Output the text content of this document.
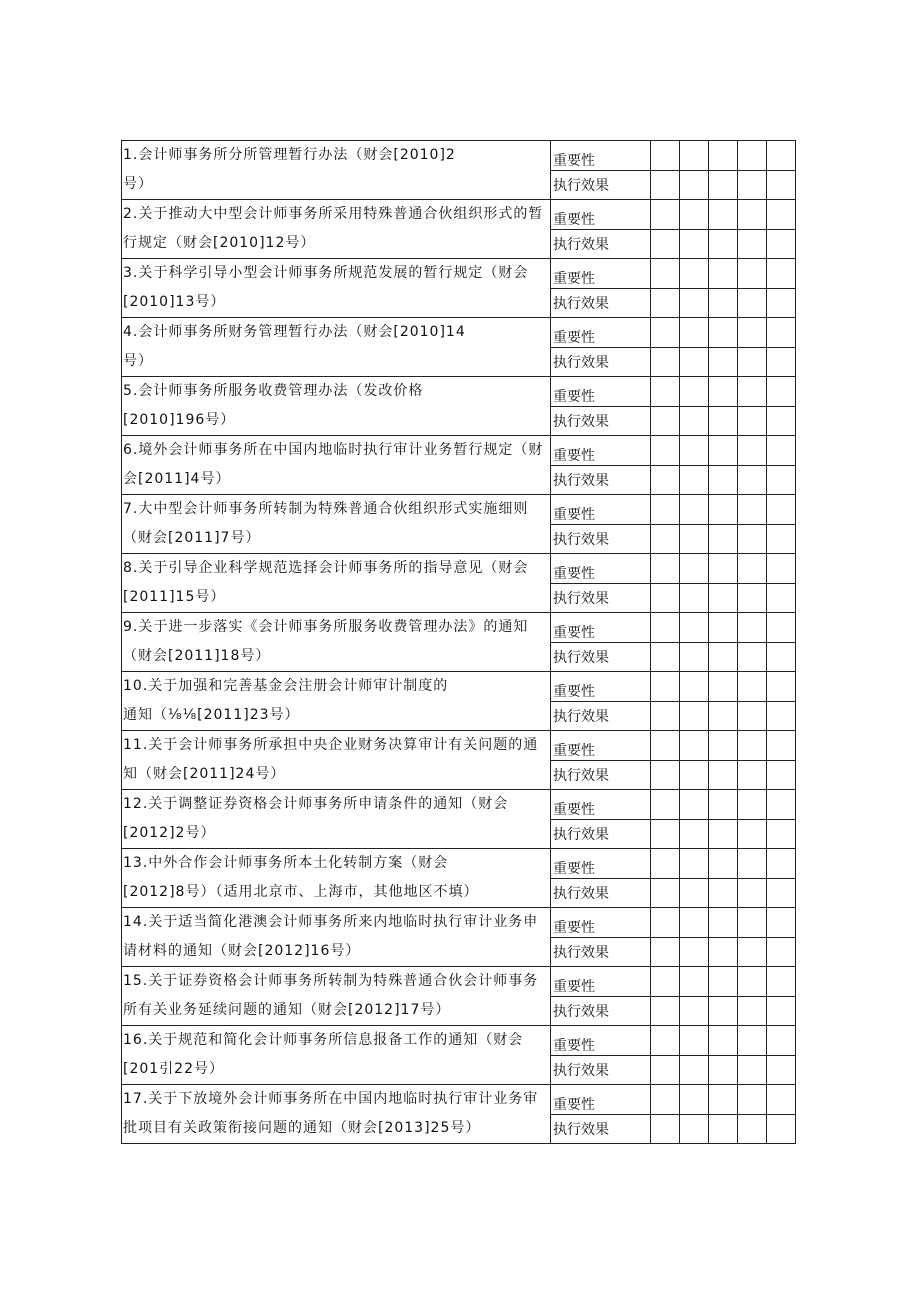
1.会计师事务所分所管理暂行办法（财会[2010]2
号）	重要性					
	执行效果					
2.关于推动大中型会计师事务所采用特殊普通合伙组织形式的暂行规定（财会[2010]12号）	重要性					
	执行效果					
3.关于科学引导小型会计师事务所规范发展的暂行规定（财会[2010]13号）	重要性					
	执行效果					
4.会计师事务所财务管理暂行办法（财会[2010]14
号）	重要性					
	执行效果					
5.会计师事务所服务收费管理办法（发改价格
[2010]196号）	重要性					
	执行效果					
6.境外会计师事务所在中国内地临时执行审计业务暂行规定（财会[2011]4号）	重要性					
	执行效果					
7.大中型会计师事务所转制为特殊普通合伙组织形式实施细则（财会[2011]7号）	重要性					
	执行效果					
8.关于引导企业科学规范选择会计师事务所的指导意见（财会[2011]15号）	重要性					
	执行效果					
9.关于进一步落实《会计师事务所服务收费管理办法》的通知（财会[2011]18号）	重要性					
	执行效果					
10.关于加强和完善基金会注册会计师审计制度的
通知（⅛⅛[2011]23号）	重要性					
	执行效果					
11.关于会计师事务所承担中央企业财务决算审计有关问题的通知（财会[2011]24号）	重要性					
	执行效果					
12.关于调整证券资格会计师事务所申请条件的通知（财会[2012]2号）	重要性					
	执行效果					
13.中外合作会计师事务所本土化转制方案（财会
[2012]8号）（适用北京市、上海市，其他地区不填）	重要性					
	执行效果					
14.关于适当简化港澳会计师事务所来内地临时执行审计业务申请材料的通知（财会[2012]16号）	重要性					
	执行效果					
15.关于证券资格会计师事务所转制为特殊普通合伙会计师事务所有关业务延续问题的通知（财会[2012]17号）	重要性					
	执行效果					
16.关于规范和简化会计师事务所信息报备工作的通知（财会[201引22号）	重要性					
	执行效果					
17.关于下放境外会计师事务所在中国内地临时执行审计业务审批项目有关政策衔接问题的通知（财会[2013]25号）	重要性					
	执行效果					
